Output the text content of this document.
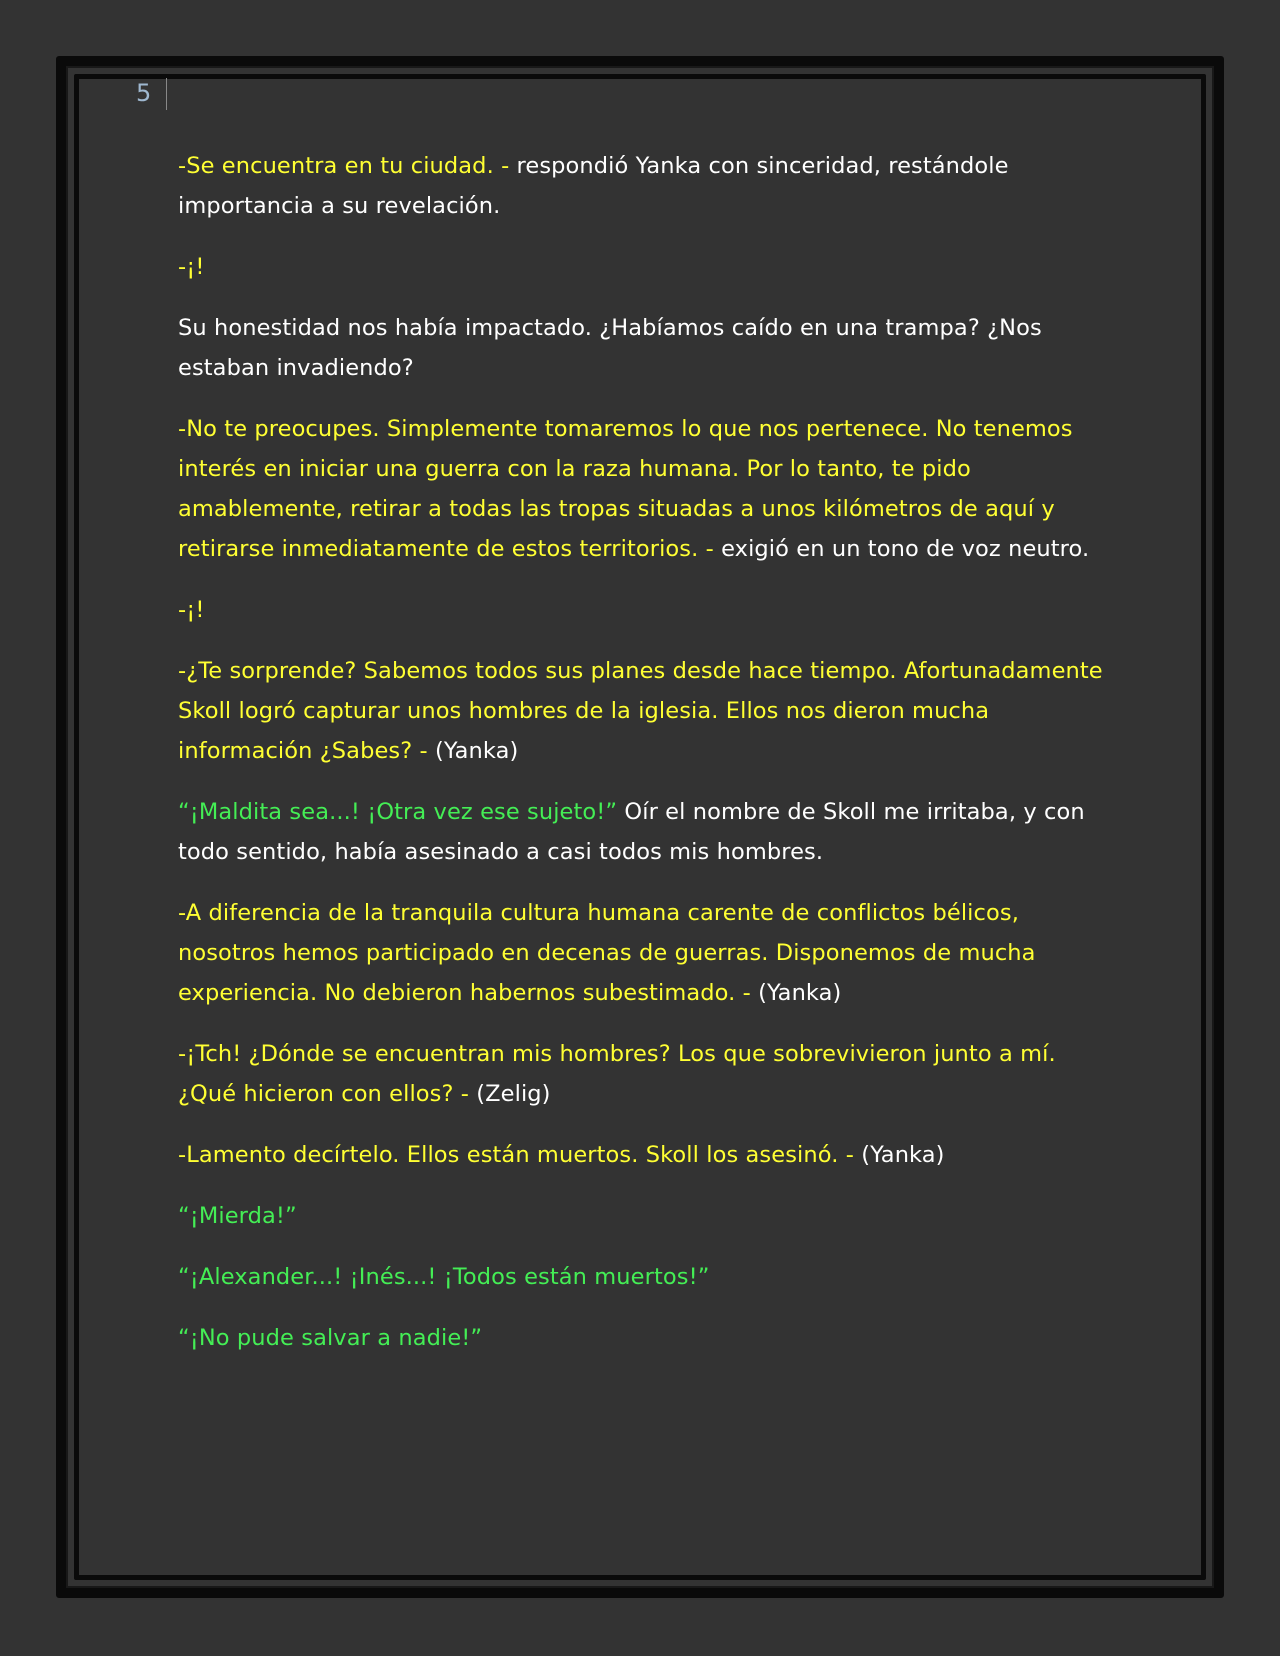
5

-Se encuentra en tu ciudad. - respondió Yanka con sinceridad, restándole importancia a su revelación.

-¡!

Su honestidad nos había impactado. ¿Habíamos caído en una trampa? ¿Nos estaban invadiendo?

-No te preocupes. Simplemente tomaremos lo que nos pertenece. No tenemos interés en iniciar una guerra con la raza humana. Por lo tanto, te pido amablemente, retirar a todas las tropas situadas a unos kilómetros de aquí y retirarse inmediatamente de estos territorios. - exigió en un tono de voz neutro.

-¡!

-¿Te sorprende? Sabemos todos sus planes desde hace tiempo. Afortunadamente Skoll logró capturar unos hombres de la iglesia. Ellos nos dieron mucha información ¿Sabes? - (Yanka)

“¡Maldita sea...! ¡Otra vez ese sujeto!” Oír el nombre de Skoll me irritaba, y con todo sentido, había asesinado a casi todos mis hombres.

-A diferencia de la tranquila cultura humana carente de conflictos bélicos, nosotros hemos participado en decenas de guerras. Disponemos de mucha experiencia. No debieron habernos subestimado. - (Yanka)

-¡Tch! ¿Dónde se encuentran mis hombres? Los que sobrevivieron junto a mí. ¿Qué hicieron con ellos? - (Zelig)

-Lamento decírtelo. Ellos están muertos. Skoll los asesinó. - (Yanka)

“¡Mierda!”

“¡Alexander...! ¡Inés...! ¡Todos están muertos!”

“¡No pude salvar a nadie!”
